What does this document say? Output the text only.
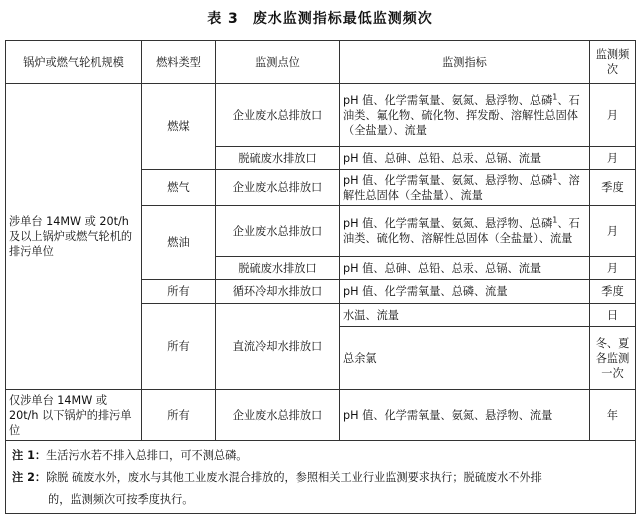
表 3 废水监测指标最低监测频次
锅炉或燃气轮机规模	燃料类型	监测点位	监测指标	监测频次
涉单台 14MW 或 20t/h 及以上锅炉或燃气轮机的排污单位	燃煤	企业废水总排放口	pH 值、化学需氧量、氨氮、悬浮物、总磷$^1$、石油类、氟化物、硫化物、挥发酚、溶解性总固体（全盐量）、流量	月
		脱硫废水排放口	pH 值、总砷、总铅、总汞、总镉、流量	月
	燃气	企业废水总排放口	pH 值、化学需氧量、氨氮、悬浮物、总磷$^1$、溶解性总固体（全盐量）、流量	季度
	燃油	企业废水总排放口	pH 值、化学需氧量、氨氮、悬浮物、总磷$^1$、石油类、硫化物、溶解性总固体（全盐量）、流量	月
		脱硫废水排放口	pH 值、总砷、总铅、总汞、总镉、流量	月
	所有	循环冷却水排放口	pH 值、化学需氧量、总磷、流量	季度
	所有	直流冷却水排放口	水温、流量	日
			总余氯	冬、夏各监测一次
仅涉单台 14MW 或 20t/h 以下锅炉的排污单位	所有	企业废水总排放口	pH 值、化学需氧量、氨氮、悬浮物、流量	年

注 1：生活污水若不排入总排口，可不测总磷。
注 2：除脱 硫废水外，废水与其他工业废水混合排放的，参照相关工业行业监测要求执行；脱硫废水不外排
的，监测频次可按季度执行。				
